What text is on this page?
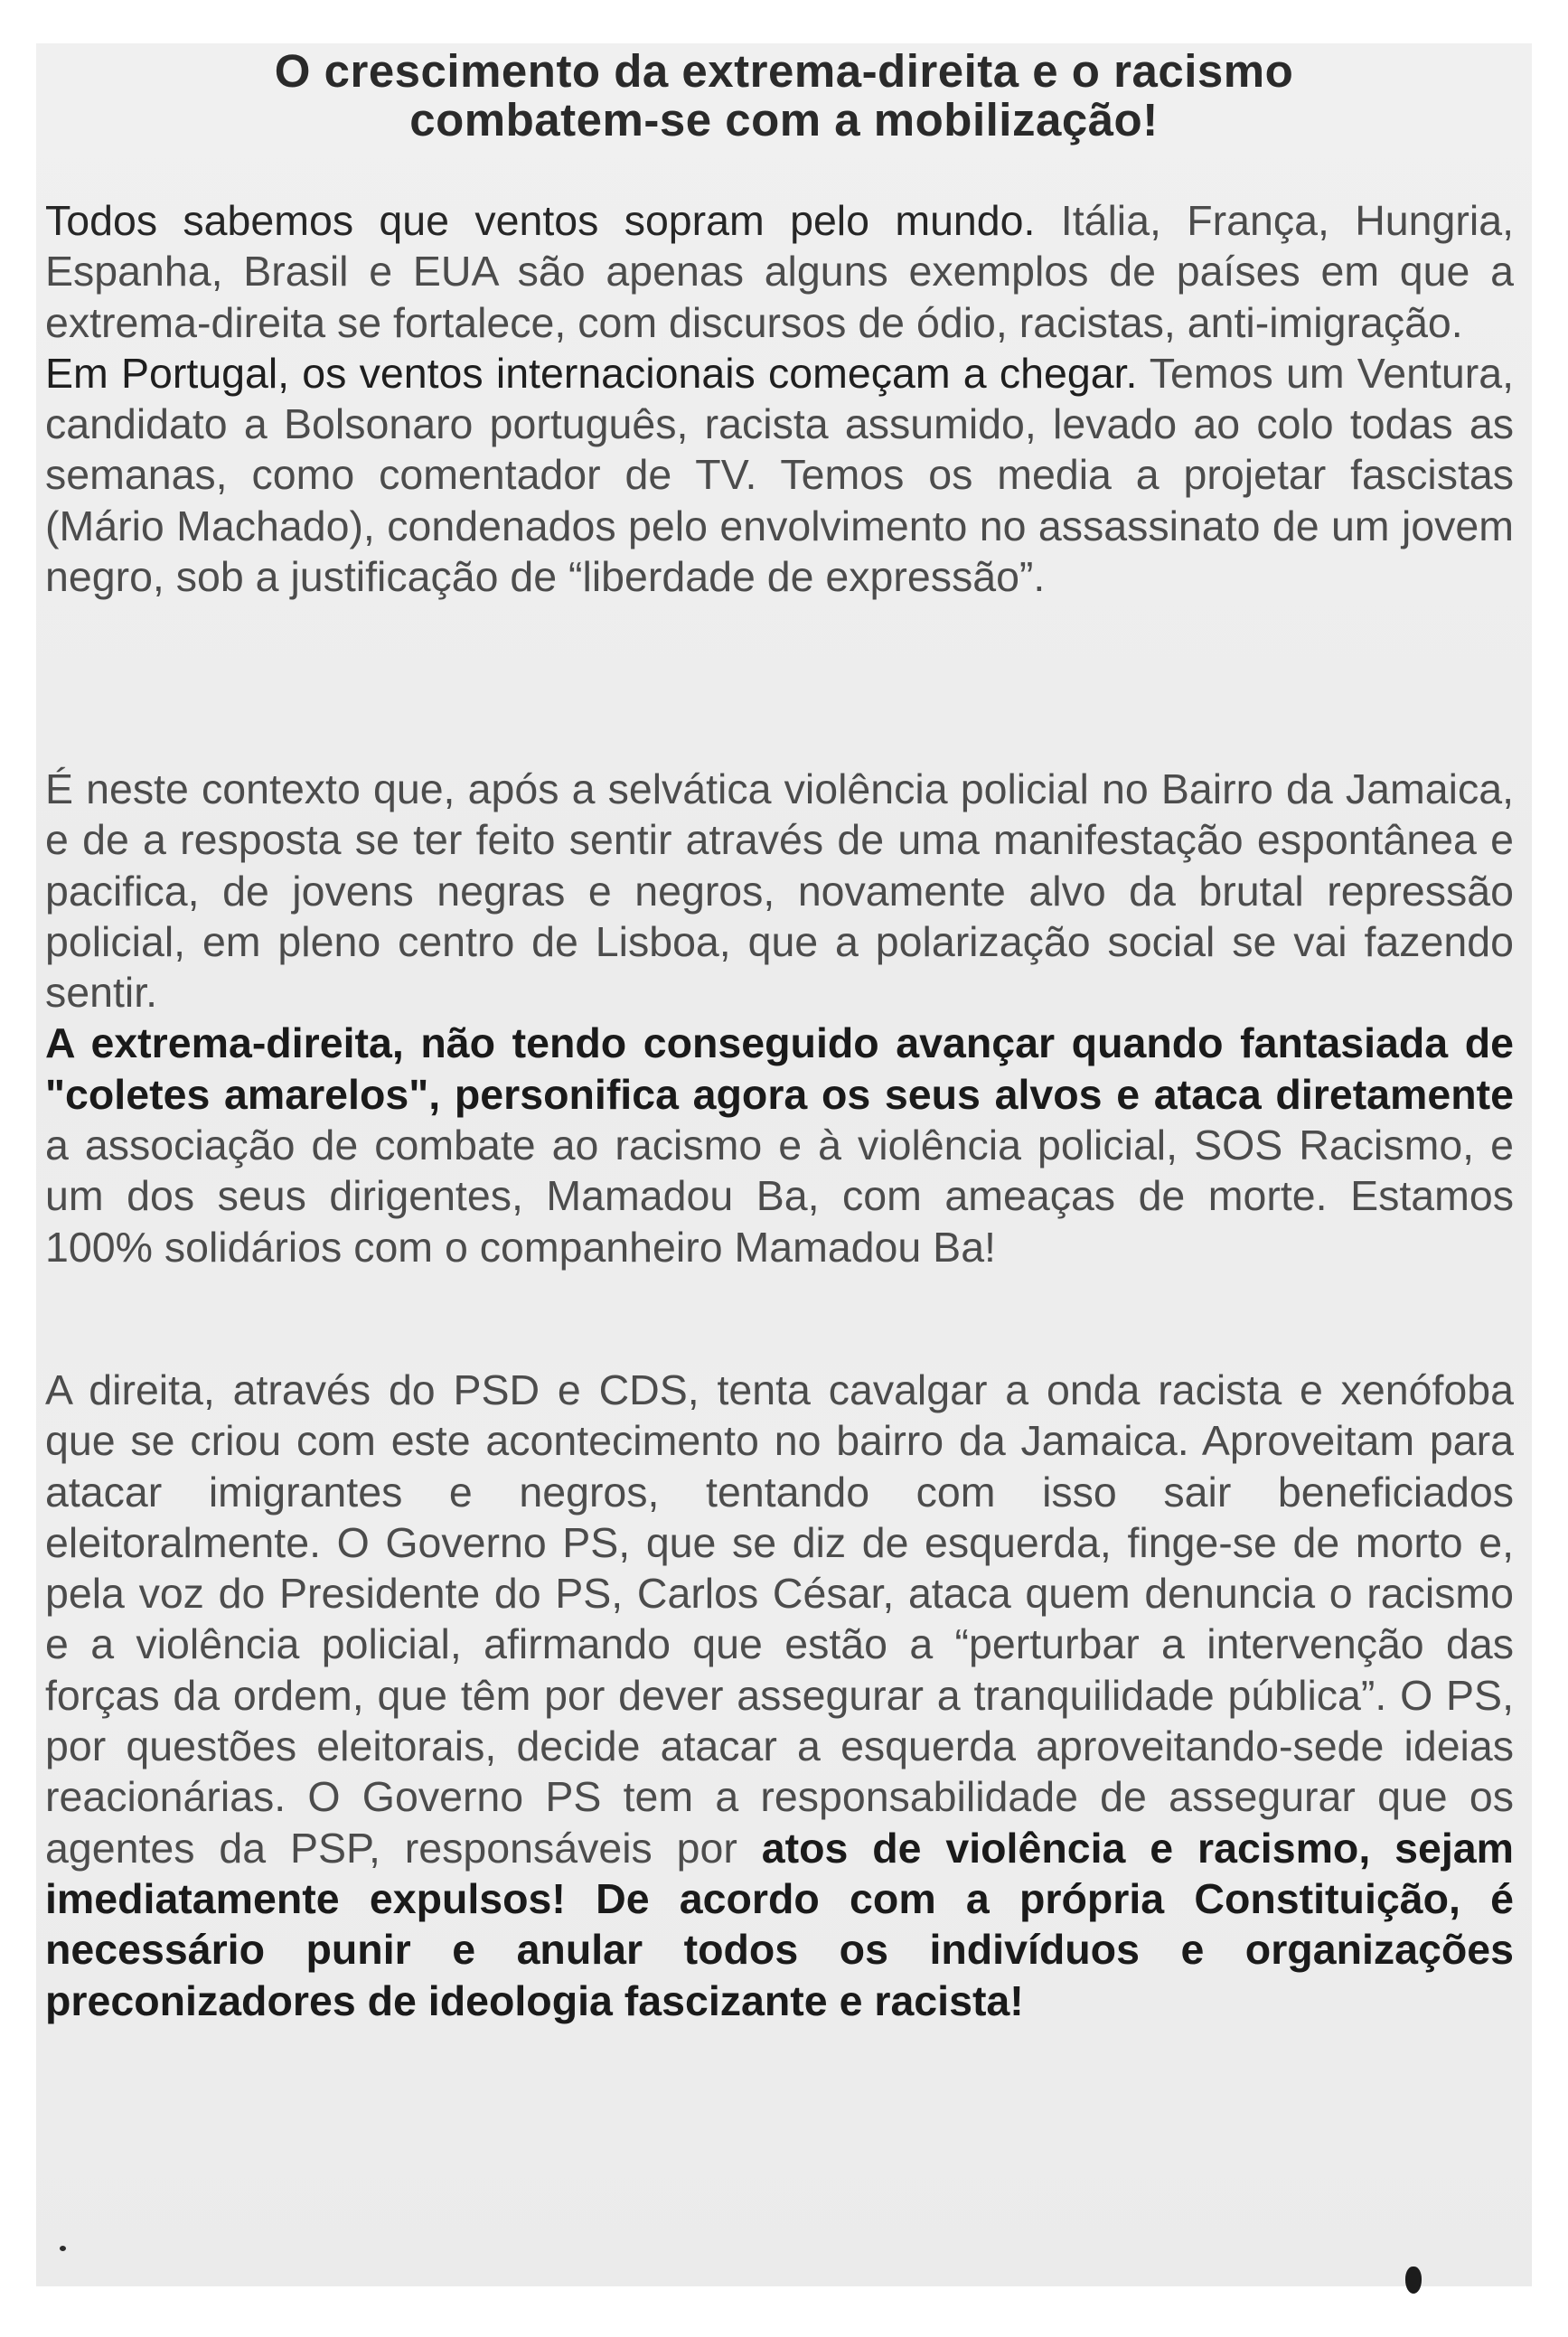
O crescimento da extrema-direita e o racismo
combatem-se com a mobilização!

Todos sabemos que ventos sopram pelo mundo. Itália, França, Hungria, Espanha, Brasil e EUA são apenas alguns exemplos de países em que a extrema-direita se fortalece, com discursos de ódio, racistas, anti-imigração.
Em Portugal, os ventos internacionais começam a chegar. Temos um Ventura, candidato a Bolsonaro português, racista assumido, levado ao colo todas as semanas, como comentador de TV. Temos os media a projetar fascistas (Mário Machado), condenados pelo envolvimento no assassinato de um jovem negro, sob a justificação de “liberdade de expressão”.

É neste contexto que, após a selvática violência policial no Bairro da Jamaica, e de a resposta se ter feito sentir através de uma manifestação espontânea e pacifica, de jovens negras e negros, novamente alvo da brutal repressão policial, em pleno centro de Lisboa, que a polarização social se vai fazendo sentir.
A extrema-direita, não tendo conseguido avançar quando fantasiada de "coletes amarelos", personifica agora os seus alvos e ataca diretamente a associação de combate ao racismo e à violência policial, SOS Racismo, e um dos seus dirigentes, Mamadou Ba, com ameaças de morte. Estamos 100% solidários com o companheiro Mamadou Ba!

A direita, através do PSD e CDS, tenta cavalgar a onda racista e xenófoba que se criou com este acontecimento no bairro da Jamaica. Aproveitam para atacar imigrantes e negros, tentando com isso sair beneficiados eleitoralmente. O Governo PS, que se diz de esquerda, finge-se de morto e, pela voz do Presidente do PS, Carlos César, ataca quem denuncia o racismo e a violência policial, afirmando que estão a “perturbar a intervenção das forças da ordem, que têm por dever assegurar a tranquilidade pública”. O PS, por questões eleitorais, decide atacar a esquerda aproveitando-sede ideias reacionárias. O Governo PS tem a responsabilidade de assegurar que os agentes da PSP, responsáveis por atos de violência e racismo, sejam imediatamente expulsos! De acordo com a própria Constituição, é necessário punir e anular todos os indivíduos e organizações preconizadores de ideologia fascizante e racista!
